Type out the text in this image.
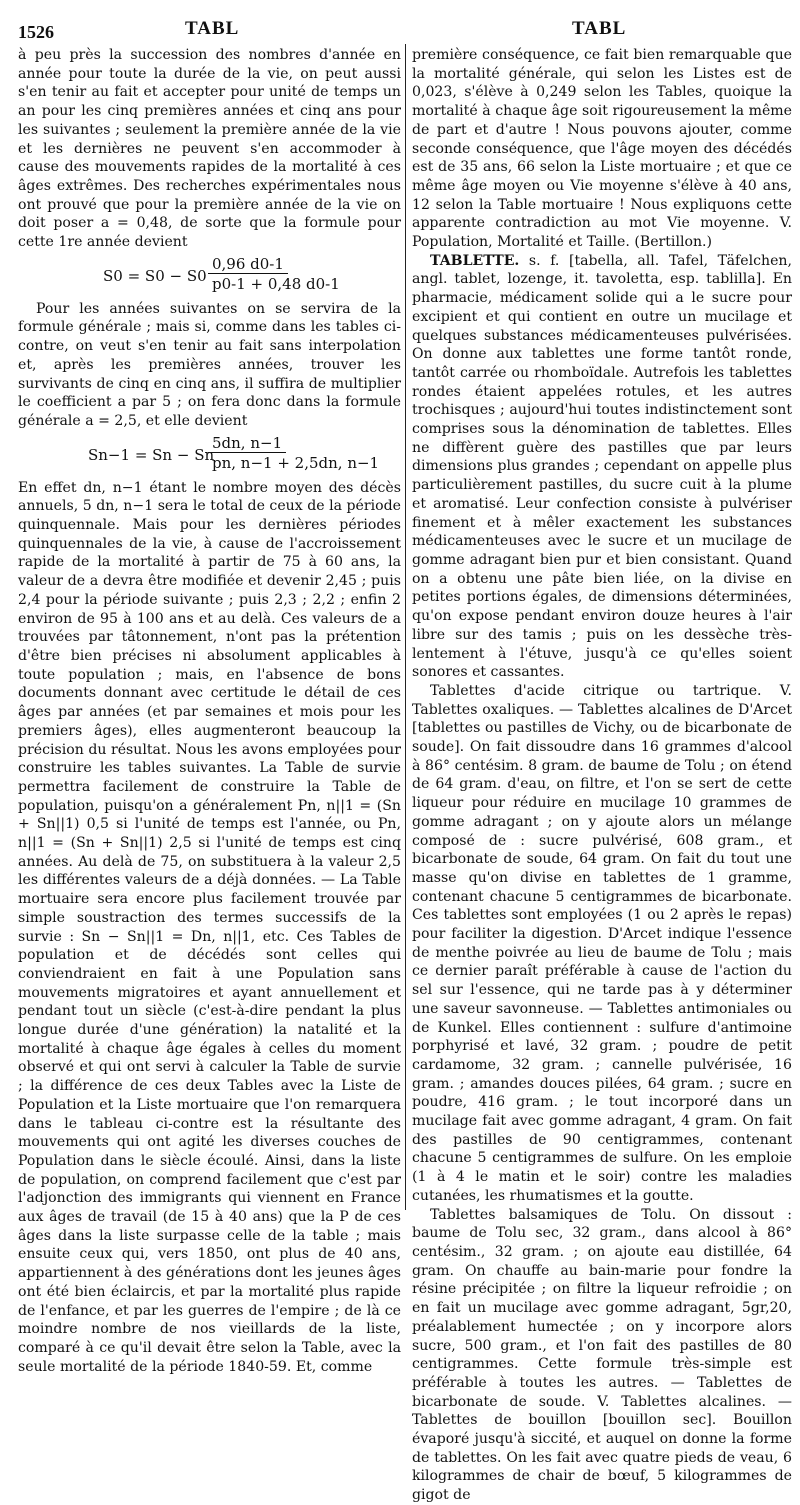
1526	TABL	TABL

à peu près la succession des nombres d'année en année pour toute la durée de la vie, on peut aussi s'en tenir au fait et accepter pour unité de temps un an pour les cinq premières années et cinq ans pour les suivantes ; seulement la première année de la vie et les dernières ne peuvent s'en accommoder à cause des mouvements rapides de la mortalité à ces âges extrêmes. Des recherches expérimentales nous ont prouvé que pour la première année de la vie on doit poser a = 0,48, de sorte que la formule pour cette 1re année devient

S0 = S0 − S0
0,96 d0-1
p0-1 + 0,48 d0-1

Pour les années suivantes on se servira de la formule générale ; mais si, comme dans les tables ci-contre, on veut s'en tenir au fait sans interpolation et, après les premières années, trouver les survivants de cinq en cinq ans, il suffira de multiplier le coefficient a par 5 ; on fera donc dans la formule générale a = 2,5, et elle devient

Sn−1 = Sn − Sn
5dn, n−1
pn, n−1 + 2,5dn, n−1

En effet dn, n−1 étant le nombre moyen des décès annuels, 5 dn, n−1 sera le total de ceux de la période quinquennale. Mais pour les dernières périodes quinquennales de la vie, à cause de l'accroissement rapide de la mortalité à partir de 75 à 60 ans, la valeur de a devra être modifiée et devenir 2,45 ; puis 2,4 pour la période suivante ; puis 2,3 ; 2,2 ; enfin 2 environ de 95 à 100 ans et au delà. Ces valeurs de a trouvées par tâtonnement, n'ont pas la prétention d'être bien précises ni absolument applicables à toute population ; mais, en l'absence de bons documents donnant avec certitude le détail de ces âges par années (et par semaines et mois pour les premiers âges), elles augmenteront beaucoup la précision du résultat. Nous les avons employées pour construire les tables suivantes. La Table de survie permettra facilement de construire la Table de population, puisqu'on a généralement Pn, n||1 = (Sn + Sn||1) 0,5 si l'unité de temps est l'année, ou Pn, n||1 = (Sn + Sn||1) 2,5 si l'unité de temps est cinq années. Au delà de 75, on substituera à la valeur 2,5 les différentes valeurs de a déjà données. — La Table mortuaire sera encore plus facilement trouvée par simple soustraction des termes successifs de la survie : Sn − Sn||1 = Dn, n||1, etc. Ces Tables de population et de décédés sont celles qui conviendraient en fait à une Population sans mouvements migratoires et ayant annuellement et pendant tout un siècle (c'est-à-dire pendant la plus longue durée d'une génération) la natalité et la mortalité à chaque âge égales à celles du moment observé et qui ont servi à calculer la Table de survie ; la différence de ces deux Tables avec la Liste de Population et la Liste mortuaire que l'on remarquera dans le tableau ci-contre est la résultante des mouvements qui ont agité les diverses couches de Population dans le siècle écoulé. Ainsi, dans la liste de population, on comprend facilement que c'est par l'adjonction des immigrants qui viennent en France aux âges de travail (de 15 à 40 ans) que la P de ces âges dans la liste surpasse celle de la table ; mais ensuite ceux qui, vers 1850, ont plus de 40 ans, appartiennent à des générations dont les jeunes âges ont été bien éclaircis, et par la mortalité plus rapide de l'enfance, et par les guerres de l'empire ; de là ce moindre nombre de nos vieillards de la liste, comparé à ce qu'il devait être selon la Table, avec la seule mortalité de la période 1840-59. Et, comme

première conséquence, ce fait bien remarquable que la mortalité générale, qui selon les Listes est de 0,023, s'élève à 0,249 selon les Tables, quoique la mortalité à chaque âge soit rigoureusement la même de part et d'autre ! Nous pouvons ajouter, comme seconde conséquence, que l'âge moyen des décédés est de 35 ans, 66 selon la Liste mortuaire ; et que ce même âge moyen ou Vie moyenne s'élève à 40 ans, 12 selon la Table mortuaire ! Nous expliquons cette apparente contradiction au mot Vie moyenne. V. Population, Mortalité et Taille. (Bertillon.)

TABLETTE. s. f. [tabella, all. Tafel, Täfelchen, angl. tablet, lozenge, it. tavoletta, esp. tablilla]. En pharmacie, médicament solide qui a le sucre pour excipient et qui contient en outre un mucilage et quelques substances médicamenteuses pulvérisées. On donne aux tablettes une forme tantôt ronde, tantôt carrée ou rhomboïdale. Autrefois les tablettes rondes étaient appelées rotules, et les autres trochisques ; aujourd'hui toutes indistinctement sont comprises sous la dénomination de tablettes. Elles ne diffèrent guère des pastilles que par leurs dimensions plus grandes ; cependant on appelle plus particulièrement pastilles, du sucre cuit à la plume et aromatisé. Leur confection consiste à pulvériser finement et à mêler exactement les substances médicamenteuses avec le sucre et un mucilage de gomme adragant bien pur et bien consistant. Quand on a obtenu une pâte bien liée, on la divise en petites portions égales, de dimensions déterminées, qu'on expose pendant environ douze heures à l'air libre sur des tamis ; puis on les dessèche très-lentement à l'étuve, jusqu'à ce qu'elles soient sonores et cassantes.

Tablettes d'acide citrique ou tartrique. V. Tablettes oxaliques. — Tablettes alcalines de D'Arcet [tablettes ou pastilles de Vichy, ou de bicarbonate de soude]. On fait dissoudre dans 16 grammes d'alcool à 86° centésim. 8 gram. de baume de Tolu ; on étend de 64 gram. d'eau, on filtre, et l'on se sert de cette liqueur pour réduire en mucilage 10 grammes de gomme adragant ; on y ajoute alors un mélange composé de : sucre pulvérisé, 608 gram., et bicarbonate de soude, 64 gram. On fait du tout une masse qu'on divise en tablettes de 1 gramme, contenant chacune 5 centigrammes de bicarbonate. Ces tablettes sont employées (1 ou 2 après le repas) pour faciliter la digestion. D'Arcet indique l'essence de menthe poivrée au lieu de baume de Tolu ; mais ce dernier paraît préférable à cause de l'action du sel sur l'essence, qui ne tarde pas à y déterminer une saveur savonneuse. — Tablettes antimoniales ou de Kunkel. Elles contiennent : sulfure d'antimoine porphyrisé et lavé, 32 gram. ; poudre de petit cardamome, 32 gram. ; cannelle pulvérisée, 16 gram. ; amandes douces pilées, 64 gram. ; sucre en poudre, 416 gram. ; le tout incorporé dans un mucilage fait avec gomme adragant, 4 gram. On fait des pastilles de 90 centigrammes, contenant chacune 5 centigrammes de sulfure. On les emploie (1 à 4 le matin et le soir) contre les maladies cutanées, les rhumatismes et la goutte.

Tablettes balsamiques de Tolu. On dissout : baume de Tolu sec, 32 gram., dans alcool à 86° centésim., 32 gram. ; on ajoute eau distillée, 64 gram. On chauffe au bain-marie pour fondre la résine précipitée ; on filtre la liqueur refroidie ; on en fait un mucilage avec gomme adragant, 5gr,20, préalablement humectée ; on y incorpore alors sucre, 500 gram., et l'on fait des pastilles de 80 centigrammes. Cette formule très-simple est préférable à toutes les autres. — Tablettes de bicarbonate de soude. V. Tablettes alcalines. — Tablettes de bouillon [bouillon sec]. Bouillon évaporé jusqu'à siccité, et auquel on donne la forme de tablettes. On les fait avec quatre pieds de veau, 6 kilogrammes de chair de bœuf, 5 kilogrammes de gigot de
